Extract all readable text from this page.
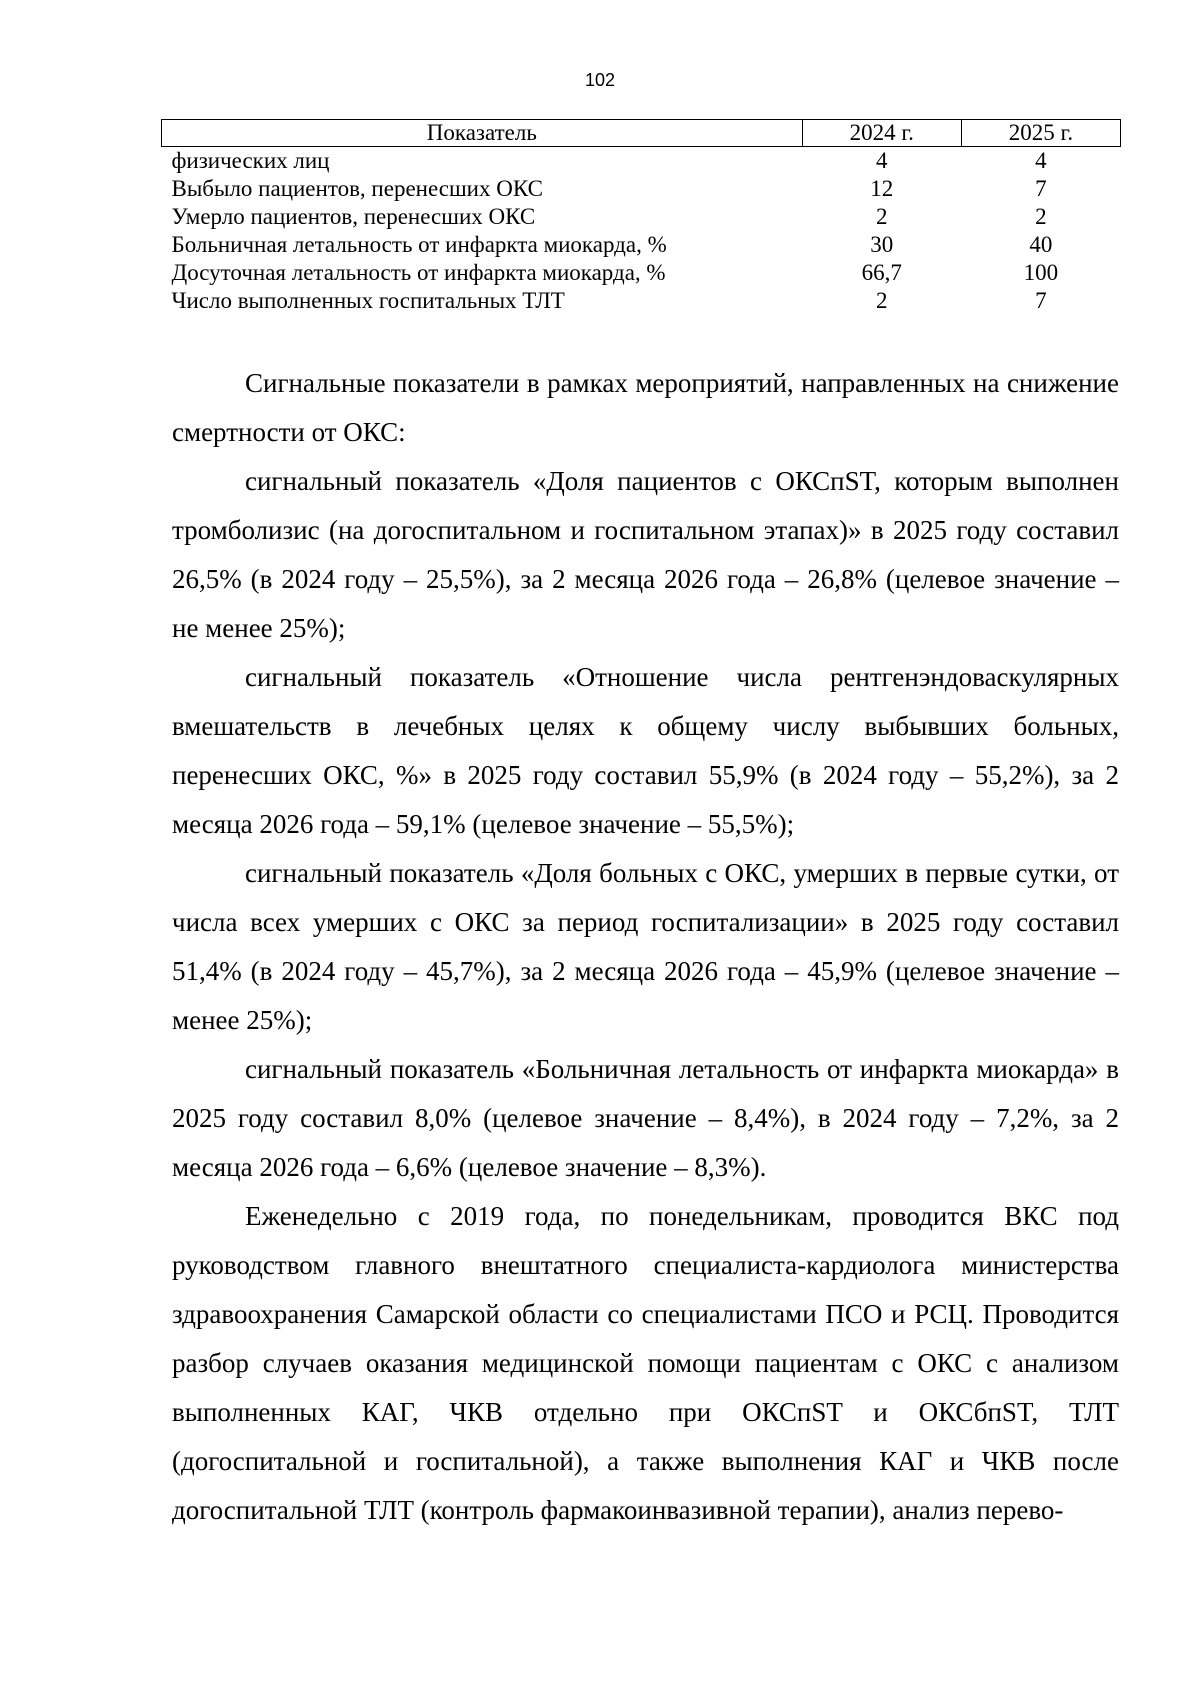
102
Показатель	2024 г.	2025 г.
физических лиц	4	4
Выбыло пациентов, перенесших ОКС	12	7
Умерло пациентов, перенесших ОКС	2	2
Больничная летальность от инфаркта миокарда, %	30	40
Досуточная летальность от инфаркта миокарда, %	66,7	100
Число выполненных госпитальных ТЛТ	2	7

Сигнальные показатели в рамках мероприятий, направленных на снижение смертности от ОКС:

сигнальный показатель «Доля пациентов с ОКСпST, которым выполнен тромболизис (на догоспитальном и госпитальном этапах)» в 2025 году составил 26,5% (в 2024 году – 25,5%), за 2 месяца 2026 года – 26,8% (целевое значение – не менее 25%);

сигнальный показатель «Отношение числа рентгенэндоваскулярных вмешательств в лечебных целях к общему числу выбывших больных, перенесших ОКС, %» в 2025 году составил 55,9% (в 2024 году – 55,2%), за 2 месяца 2026 года – 59,1% (целевое значение – 55,5%);

сигнальный показатель «Доля больных с ОКС, умерших в первые сутки, от числа всех умерших с ОКС за период госпитализации» в 2025 году составил 51,4% (в 2024 году – 45,7%), за 2 месяца 2026 года – 45,9% (целевое значение – менее 25%);

сигнальный показатель «Больничная летальность от инфаркта миокарда» в 2025 году составил 8,0% (целевое значение – 8,4%), в 2024 году – 7,2%, за 2 месяца 2026 года – 6,6% (целевое значение – 8,3%).

Еженедельно с 2019 года, по понедельникам, проводится ВКС под руководством главного внештатного специалиста-кардиолога министерства здравоохранения Самарской области со специалистами ПСО и РСЦ. Проводится разбор случаев оказания медицинской помощи пациентам с ОКС с анализом выполненных КАГ, ЧКВ отдельно при ОКСпST и ОКСбпST, ТЛТ (догоспитальной и госпитальной), а также выполнения КАГ и ЧКВ после догоспитальной ТЛТ (контроль фармакоинвазивной терапии), анализ перево-
